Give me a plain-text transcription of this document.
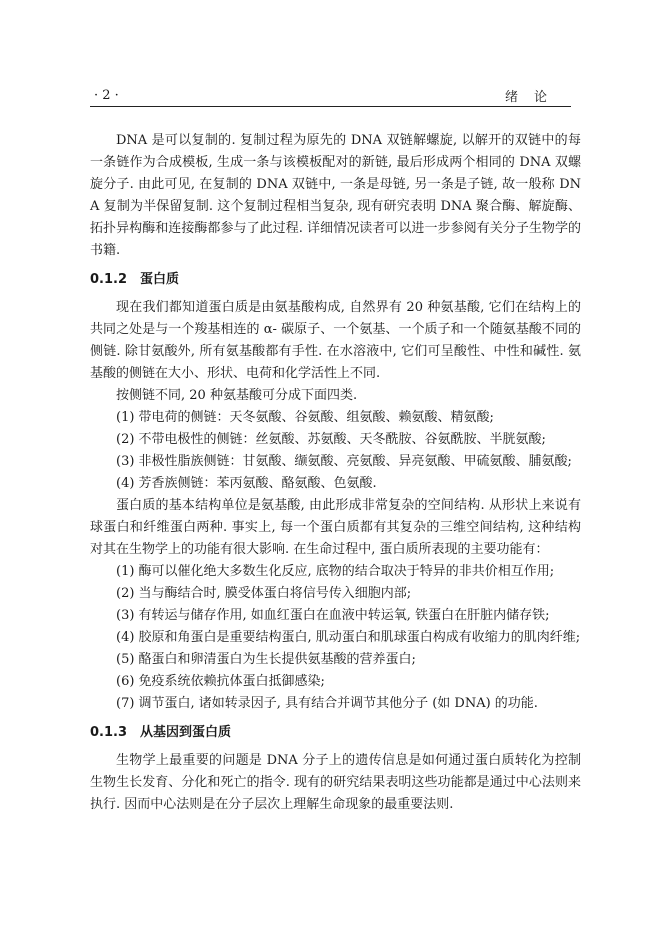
· 2 ·	绪论

DNA 是可以复制的. 复制过程为原先的 DNA 双链解螺旋, 以解开的双链中的每一条链作为合成模板, 生成一条与该模板配对的新链, 最后形成两个相同的 DNA 双螺旋分子. 由此可见, 在复制的 DNA 双链中, 一条是母链, 另一条是子链, 故一般称 DNA 复制为半保留复制. 这个复制过程相当复杂, 现有研究表明 DNA 聚合酶、解旋酶、拓扑异构酶和连接酶都参与了此过程. 详细情况读者可以进一步参阅有关分子生物学的书籍.

0.1.2 蛋白质

现在我们都知道蛋白质是由氨基酸构成, 自然界有 20 种氨基酸, 它们在结构上的共同之处是与一个羧基相连的 α- 碳原子、一个氨基、一个质子和一个随氨基酸不同的侧链. 除甘氨酸外, 所有氨基酸都有手性. 在水溶液中, 它们可呈酸性、中性和碱性. 氨基酸的侧链在大小、形状、电荷和化学活性上不同.

按侧链不同, 20 种氨基酸可分成下面四类.

(1) 带电荷的侧链：天冬氨酸、谷氨酸、组氨酸、赖氨酸、精氨酸;

(2) 不带电极性的侧链：丝氨酸、苏氨酸、天冬酰胺、谷氨酰胺、半胱氨酸;

(3) 非极性脂族侧链：甘氨酸、缬氨酸、亮氨酸、异亮氨酸、甲硫氨酸、脯氨酸;

(4) 芳香族侧链：苯丙氨酸、酪氨酸、色氨酸.

蛋白质的基本结构单位是氨基酸, 由此形成非常复杂的空间结构. 从形状上来说有球蛋白和纤维蛋白两种. 事实上, 每一个蛋白质都有其复杂的三维空间结构, 这种结构对其在生物学上的功能有很大影响. 在生命过程中, 蛋白质所表现的主要功能有：

(1) 酶可以催化绝大多数生化反应, 底物的结合取决于特异的非共价相互作用;

(2) 当与酶结合时, 膜受体蛋白将信号传入细胞内部;

(3) 有转运与储存作用, 如血红蛋白在血液中转运氧, 铁蛋白在肝脏内储存铁;

(4) 胶原和角蛋白是重要结构蛋白, 肌动蛋白和肌球蛋白构成有收缩力的肌肉纤维;

(5) 酪蛋白和卵清蛋白为生长提供氨基酸的营养蛋白;

(6) 免疫系统依赖抗体蛋白抵御感染;

(7) 调节蛋白, 诸如转录因子, 具有结合并调节其他分子 (如 DNA) 的功能.

0.1.3 从基因到蛋白质

生物学上最重要的问题是 DNA 分子上的遗传信息是如何通过蛋白质转化为控制生物生长发育、分化和死亡的指令. 现有的研究结果表明这些功能都是通过中心法则来执行. 因而中心法则是在分子层次上理解生命现象的最重要法则.
